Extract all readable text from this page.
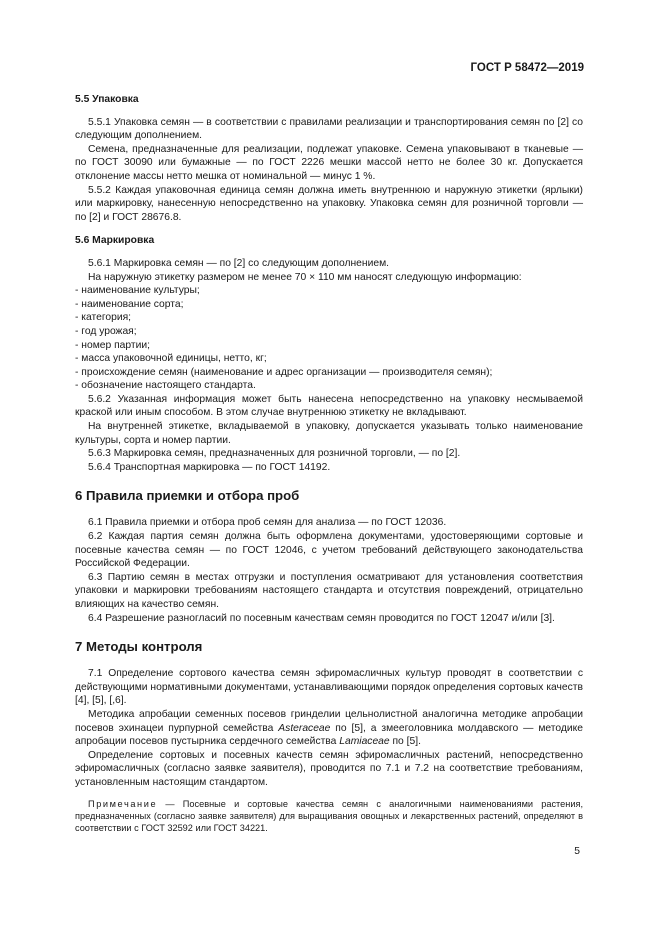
ГОСТ Р 58472—2019
5.5 Упаковка
5.5.1 Упаковка семян — в соответствии с правилами реализации и транспортирования семян по [2] со следующим дополнением.
Семена, предназначенные для реализации, подлежат упаковке. Семена упаковывают в тканевые — по ГОСТ 30090 или бумажные — по ГОСТ 2226 мешки массой нетто не более 30 кг. Допускается отклонение массы нетто мешка от номинальной — минус 1 %.
5.5.2 Каждая упаковочная единица семян должна иметь внутреннюю и наружную этикетки (ярлыки) или маркировку, нанесенную непосредственно на упаковку. Упаковка семян для розничной торговли — по [2] и ГОСТ 28676.8.
5.6 Маркировка
5.6.1 Маркировка семян — по [2] со следующим дополнением.
На наружную этикетку размером не менее 70 × 110 мм наносят следующую информацию:
- наименование культуры;
- наименование сорта;
- категория;
- год урожая;
- номер партии;
- масса упаковочной единицы, нетто, кг;
- происхождение семян (наименование и адрес организации — производителя семян);
- обозначение настоящего стандарта.
5.6.2 Указанная информация может быть нанесена непосредственно на упаковку несмываемой краской или иным способом. В этом случае внутреннюю этикетку не вкладывают.
На внутренней этикетке, вкладываемой в упаковку, допускается указывать только наименование культуры, сорта и номер партии.
5.6.3 Маркировка семян, предназначенных для розничной торговли, — по [2].
5.6.4 Транспортная маркировка — по ГОСТ 14192.
6 Правила приемки и отбора проб
6.1 Правила приемки и отбора проб семян для анализа — по ГОСТ 12036.
6.2 Каждая партия семян должна быть оформлена документами, удостоверяющими сортовые и посевные качества семян — по ГОСТ 12046, с учетом требований действующего законодательства Российской Федерации.
6.3 Партию семян в местах отгрузки и поступления осматривают для установления соответствия упаковки и маркировки требованиям настоящего стандарта и отсутствия повреждений, отрицательно влияющих на качество семян.
6.4 Разрешение разногласий по посевным качествам семян проводится по ГОСТ 12047 и/или [3].
7 Методы контроля
7.1 Определение сортового качества семян эфиромасличных культур проводят в соответствии с действующими нормативными документами, устанавливающими порядок определения сортовых качеств [4], [5], [,6].
Методика апробации семенных посевов гринделии цельнолистной аналогична методике апробации посевов эхинацеи пурпурной семейства Asteraceae по [5], а змееголовника молдавского — методике апробации посевов пустырника сердечного семейства Lamiaceae по [5].
Определение сортовых и посевных качеств семян эфиромасличных растений, непосредственно эфиромасличных (согласно заявке заявителя), проводится по 7.1 и 7.2 на соответствие требованиям, установленным настоящим стандартом.
Примечание — Посевные и сортовые качества семян с аналогичными наименованиями растения, предназначенных (согласно заявке заявителя) для выращивания овощных и лекарственных растений, определяют в соответствии с ГОСТ 32592 или ГОСТ 34221.
5
